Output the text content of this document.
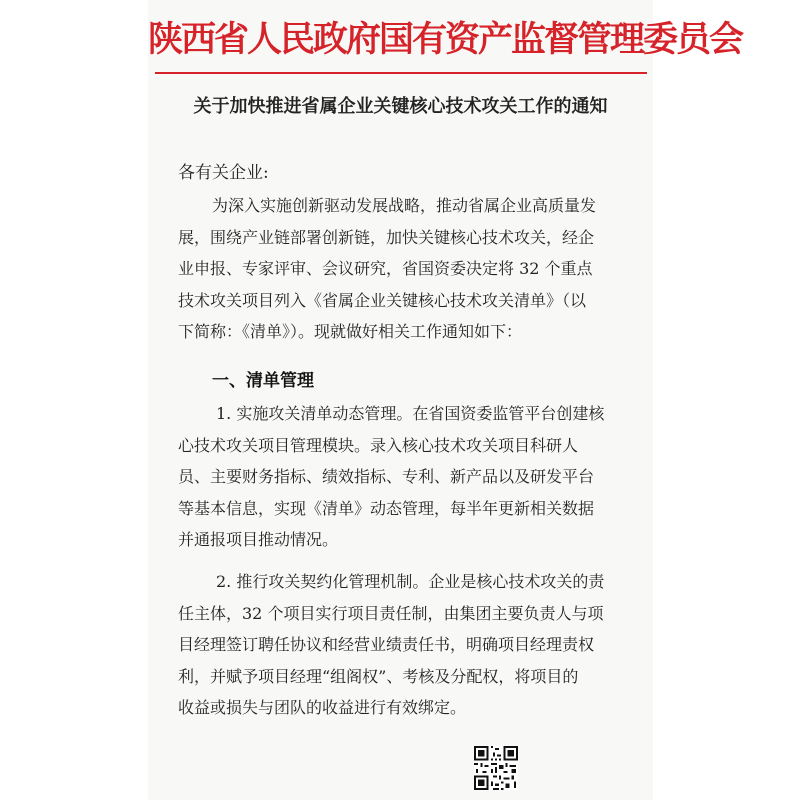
陕西省人民政府国有资产监督管理委员会
关于加快推进省属企业关键核心技术攻关工作的通知
各有关企业:
为深入实施创新驱动发展战略，推动省属企业高质量发
展，围绕产业链部署创新链，加快关键核心技术攻关，经企
业申报、专家评审、会议研究，省国资委决定将 32 个重点
技术攻关项目列入《省属企业关键核心技术攻关清单》（以
下简称：《清单》）。现就做好相关工作通知如下：
一、清单管理
1. 实施攻关清单动态管理。在省国资委监管平台创建核
心技术攻关项目管理模块。录入核心技术攻关项目科研人
员、主要财务指标、绩效指标、专利、新产品以及研发平台
等基本信息，实现《清单》动态管理，每半年更新相关数据
并通报项目推动情况。
2. 推行攻关契约化管理机制。企业是核心技术攻关的责
任主体，32 个项目实行项目责任制，由集团主要负责人与项
目经理签订聘任协议和经营业绩责任书，明确项目经理责权
利，并赋予项目经理“组阁权”、考核及分配权，将项目的
收益或损失与团队的收益进行有效绑定。
